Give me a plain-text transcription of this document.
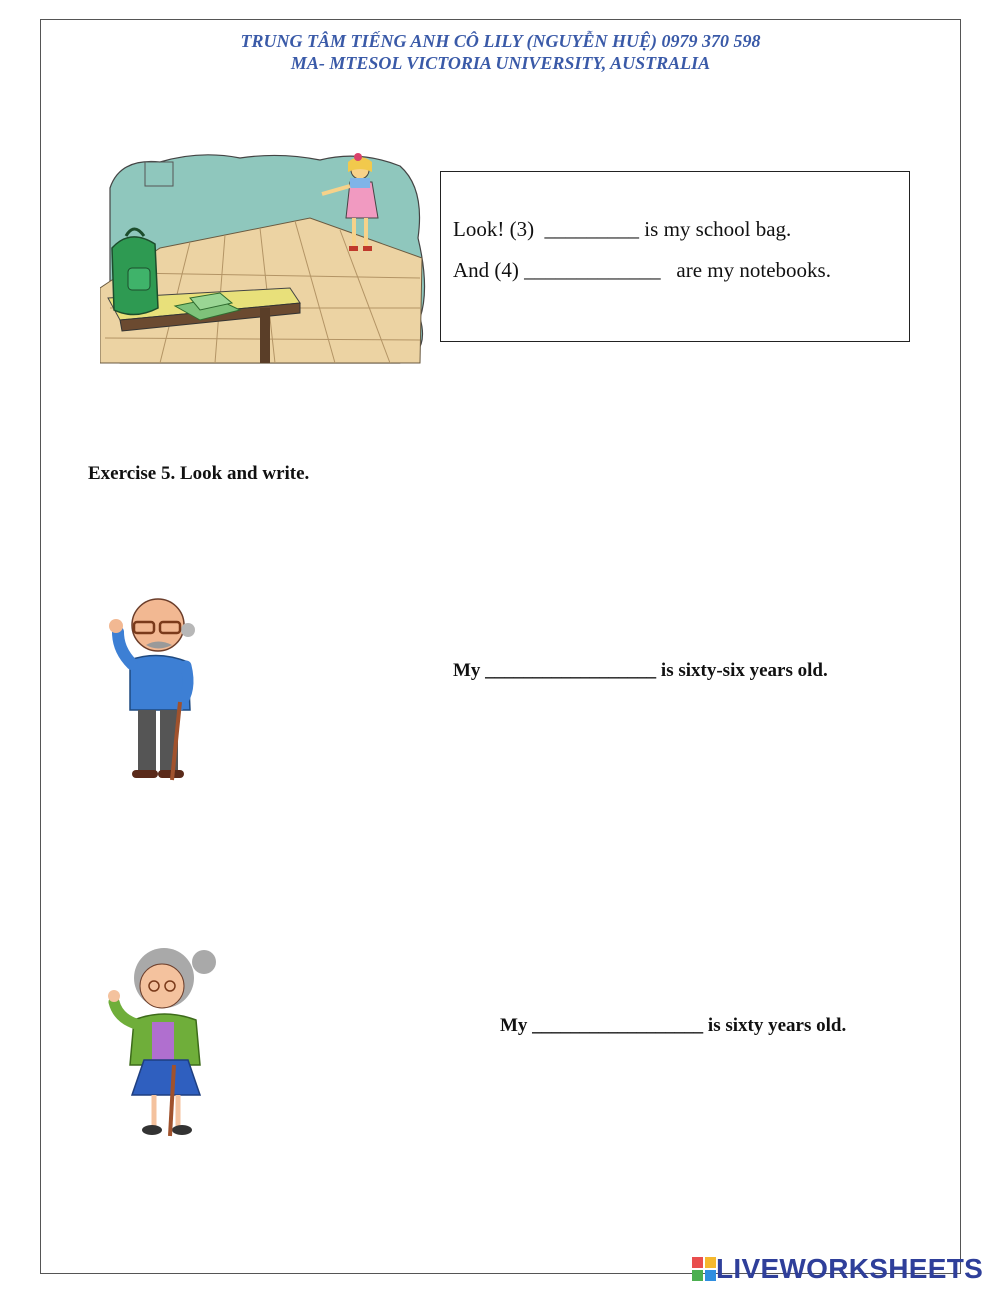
TRUNG TÂM TIẾNG ANH CÔ LILY (NGUYỄN HUỆ) 0979 370 598
MA- MTESOL VICTORIA UNIVERSITY, AUSTRALIA
Look! (3)  _________ is my school bag.
And (4) _____________   are my notebooks.
Exercise 5. Look and write.
My __________________ is sixty-six years old.
My __________________ is sixty years old.
LIVEWORKSHEETS
